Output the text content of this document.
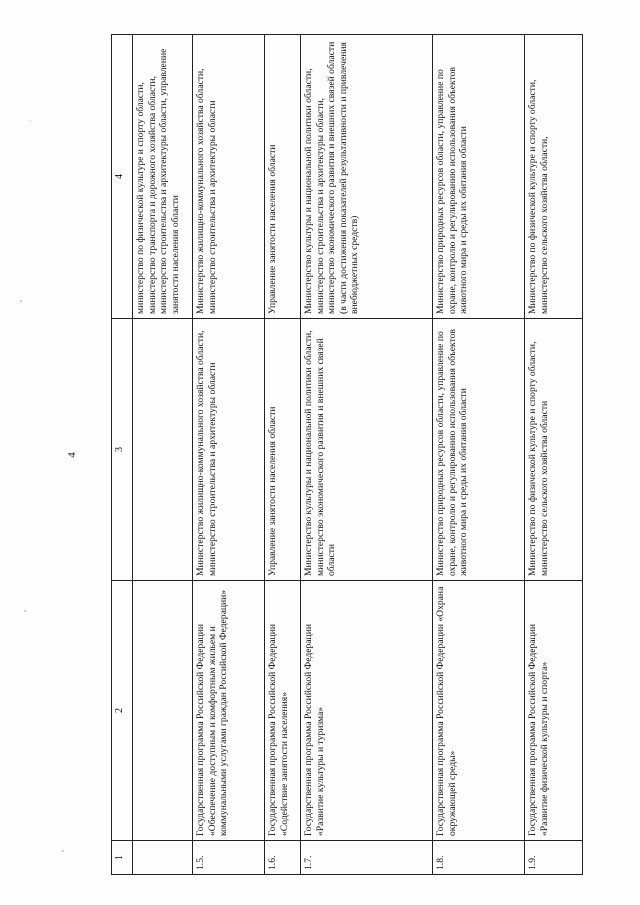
4
1	2	3	4
			министерство по физической культуре и спорту области, министерство транспорта и дорожного хозяйства области, министерство строительства и архитектуры области, управление занятости населения области
1.5.	Государственная программа Российской Федерации «Обеспечение доступным и комфортным жильем и коммунальными услугами граждан Российской Федерации»	Министерство жилищно-коммунального хозяйства области, министерство строительства и архитектуры области	Министерство жилищно-коммунального хозяйства области, министерство строительства и архитектуры области
1.6.	Государственная программа Российской Федерации «Содействие занятости населения»	Управление занятости населения области	Управление занятости населения области
1.7.	Государственная программа Российской Федерации «Развитие культуры и туризма»	Министерство культуры и национальной политики области, министерство экономического развития и внешних связей области	Министерство культуры и национальной политики области, министерство строительства и архитектуры области, министерство экономического развития и внешних связей области (в части достижения показателей результативности и привлечения внебюджетных средств)
1.8.	Государственная программа Российской Федерации «Охрана окружающей среды»	Министерство природных ресурсов области, управление по охране, контролю и регулированию использования объектов животного мира и среды их обитания области	Министерство природных ресурсов области, управление по охране, контролю и регулированию использования объектов животного мира и среды их обитания области
1.9.	Государственная программа Российской Федерации «Развитие физической культуры и спорта»	Министерство по физической культуре и спорту области, министерство сельского хозяйства области	Министерство по физической культуре и спорту области, министерство сельского хозяйства области,
